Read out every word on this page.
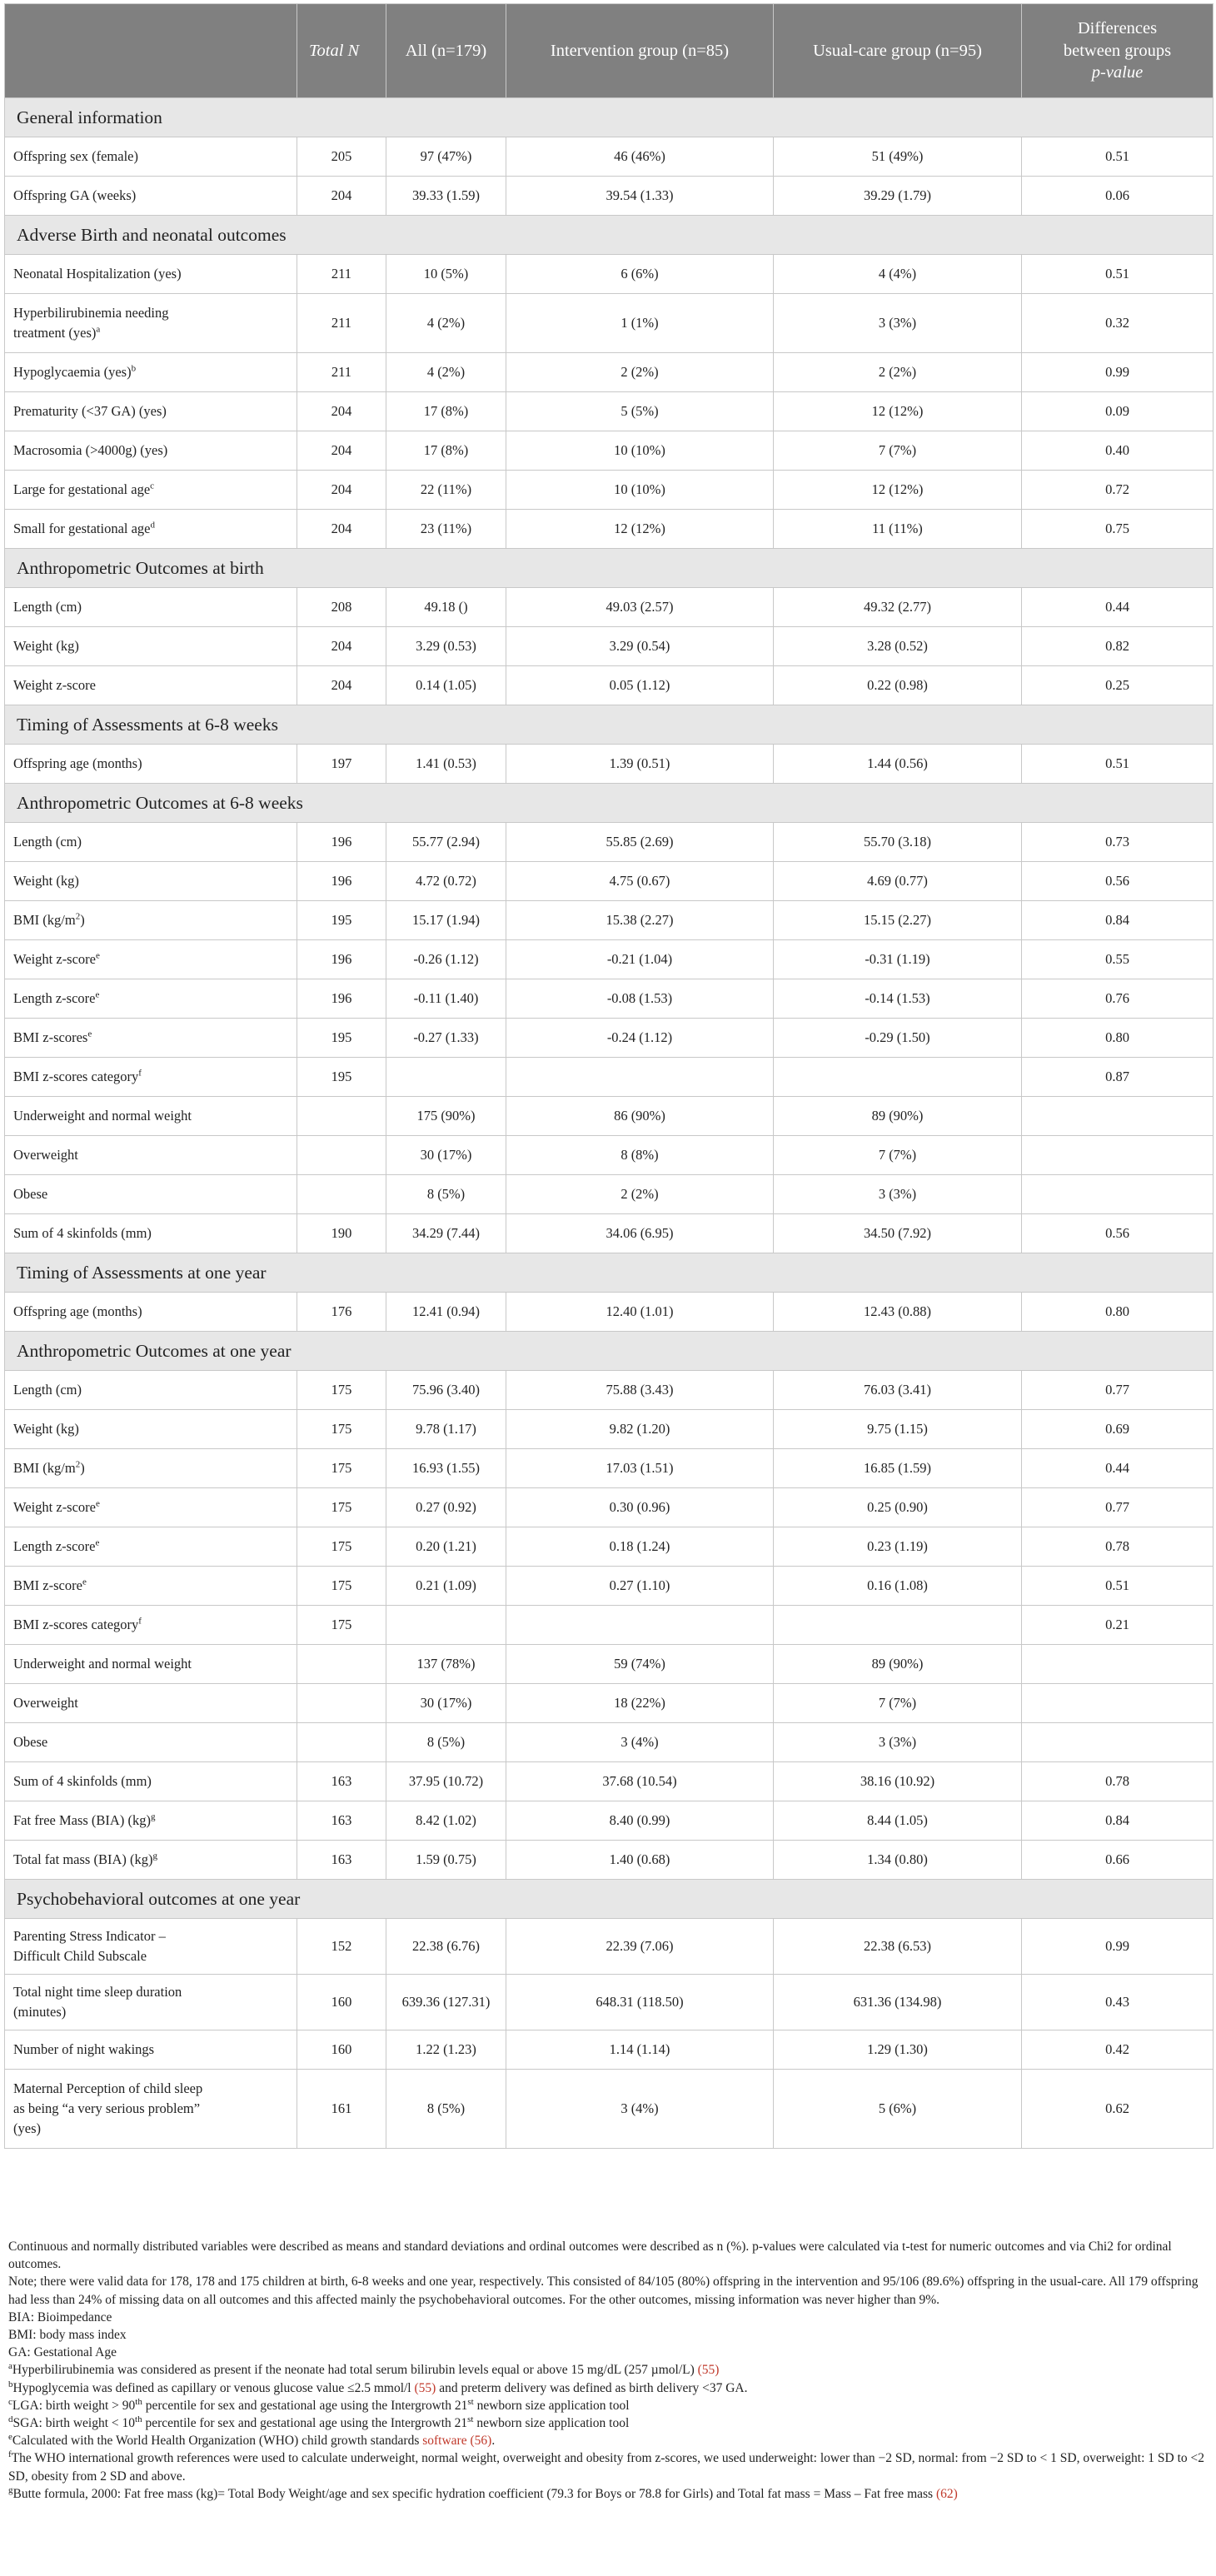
	Total N	All (n=179)	Intervention group (n=85)	Usual-care group (n=95)	Differences
between groups
p-value
General information					
Offspring sex (female)	205	97 (47%)	46 (46%)	51 (49%)	0.51
Offspring GA (weeks)	204	39.33 (1.59)	39.54 (1.33)	39.29 (1.79)	0.06
Adverse Birth and neonatal outcomes					
Neonatal Hospitalization (yes)	211	10 (5%)	6 (6%)	4 (4%)	0.51
Hyperbilirubinemia needing
treatment (yes)$^a$	211	4 (2%)	1 (1%)	3 (3%)	0.32
Hypoglycaemia (yes)$^b$	211	4 (2%)	2 (2%)	2 (2%)	0.99
Prematurity (<37 GA) (yes)	204	17 (8%)	5 (5%)	12 (12%)	0.09
Macrosomia (>4000g) (yes)	204	17 (8%)	10 (10%)	7 (7%)	0.40
Large for gestational age$^c$	204	22 (11%)	10 (10%)	12 (12%)	0.72
Small for gestational age$^d$	204	23 (11%)	12 (12%)	11 (11%)	0.75
Anthropometric Outcomes at birth					
Length (cm)	208	49.18 ()	49.03 (2.57)	49.32 (2.77)	0.44
Weight (kg)	204	3.29 (0.53)	3.29 (0.54)	3.28 (0.52)	0.82
Weight z-score	204	0.14 (1.05)	0.05 (1.12)	0.22 (0.98)	0.25
Timing of Assessments at 6-8 weeks					
Offspring age (months)	197	1.41 (0.53)	1.39 (0.51)	1.44 (0.56)	0.51
Anthropometric Outcomes at 6-8 weeks					
Length (cm)	196	55.77 (2.94)	55.85 (2.69)	55.70 (3.18)	0.73
Weight (kg)	196	4.72 (0.72)	4.75 (0.67)	4.69 (0.77)	0.56
BMI $(kg/m^2)$	195	15.17 (1.94)	15.38 (2.27)	15.15 (2.27)	0.84
Weight z-score$^e$	196	-0.26 (1.12)	-0.21 (1.04)	-0.31 (1.19)	0.55
Length z-score$^e$	196	-0.11 (1.40)	-0.08 (1.53)	-0.14 (1.53)	0.76
BMI z-scores$^e$	195	-0.27 (1.33)	-0.24 (1.12)	-0.29 (1.50)	0.80
BMI z-scores category$^f$	195				0.87
Underweight and normal weight		175 (90%)	86 (90%)	89 (90%)	
Overweight		30 (17%)	8 (8%)	7 (7%)	
Obese		8 (5%)	2 (2%)	3 (3%)	
Sum of 4 skinfolds (mm)	190	34.29 (7.44)	34.06 (6.95)	34.50 (7.92)	0.56
Timing of Assessments at one year					
Offspring age (months)	176	12.41 (0.94)	12.40 (1.01)	12.43 (0.88)	0.80
Anthropometric Outcomes at one year					
Length (cm)	175	75.96 (3.40)	75.88 (3.43)	76.03 (3.41)	0.77
Weight (kg)	175	9.78 (1.17)	9.82 (1.20)	9.75 (1.15)	0.69
BMI $(kg/m^2)$	175	16.93 (1.55)	17.03 (1.51)	16.85 (1.59)	0.44
Weight z-score$^e$	175	0.27 (0.92)	0.30 (0.96)	0.25 (0.90)	0.77
Length z-score$^e$	175	0.20 (1.21)	0.18 (1.24)	0.23 (1.19)	0.78
BMI z-score$^e$	175	0.21 (1.09)	0.27 (1.10)	0.16 (1.08)	0.51
BMI z-scores category$^f$	175				0.21
Underweight and normal weight		137 (78%)	59 (74%)	89 (90%)	
Overweight		30 (17%)	18 (22%)	7 (7%)	
Obese		8 (5%)	3 (4%)	3 (3%)	
Sum of 4 skinfolds (mm)	163	37.95 (10.72)	37.68 (10.54)	38.16 (10.92)	0.78
Fat free Mass (BIA) (kg)$^g$	163	8.42 (1.02)	8.40 (0.99)	8.44 (1.05)	0.84
Total fat mass (BIA) (kg)$^g$	163	1.59 (0.75)	1.40 (0.68)	1.34 (0.80)	0.66
Psychobehavioral outcomes at one year					
Parenting Stress Indicator –
Difficult Child Subscale	152	22.38 (6.76)	22.39 (7.06)	22.38 (6.53)	0.99
Total night time sleep duration
(minutes)	160	639.36 (127.31)	648.31 (118.50)	631.36 (134.98)	0.43
Number of night wakings	160	1.22 (1.23)	1.14 (1.14)	1.29 (1.30)	0.42
Maternal Perception of child sleep
as being “a very serious problem”
(yes)	161	8 (5%)	3 (4%)	5 (6%)	0.62

Continuous and normally distributed variables were described as means and standard deviations and ordinal outcomes were described as n (%). p-values were calculated via t-test for numeric outcomes and via Chi2 for ordinal outcomes.

Note; there were valid data for 178, 178 and 175 children at birth, 6-8 weeks and one year, respectively. This consisted of 84/105 (80%) offspring in the intervention and 95/106 (89.6%) offspring in the usual-care. All 179 offspring had less than 24% of missing data on all outcomes and this affected mainly the psychobehavioral outcomes. For the other outcomes, missing information was never higher than 9%.

BIA: Bioimpedance

BMI: body mass index

GA: Gestational Age

$^a$Hyperbilirubinemia was considered as present if the neonate had total serum bilirubin levels equal or above 15 mg/dL (257 µmol/L) (55)

$^b$Hypoglycemia was defined as capillary or venous glucose value ≤2.5 mmol/l (55) and preterm delivery was defined as birth delivery <37 GA.

$^c$LGA: birth weight > 90th percentile for sex and gestational age using the Intergrowth 21st newborn size application tool

$^d$SGA: birth weight < 10th percentile for sex and gestational age using the Intergrowth 21st newborn size application tool

$^e$Calculated with the World Health Organization (WHO) child growth standards software (56).

$^f$The WHO international growth references were used to calculate underweight, normal weight, overweight and obesity from z-scores, we used underweight: lower than −2 SD, normal: from −2 SD to < 1 SD, overweight: 1 SD to <2 SD, obesity from 2 SD and above.

$^g$Butte formula, 2000: Fat free mass (kg)= Total Body Weight/age and sex specific hydration coefficient (79.3 for Boys or 78.8 for Girls) and Total fat mass = Mass – Fat free mass (62)
